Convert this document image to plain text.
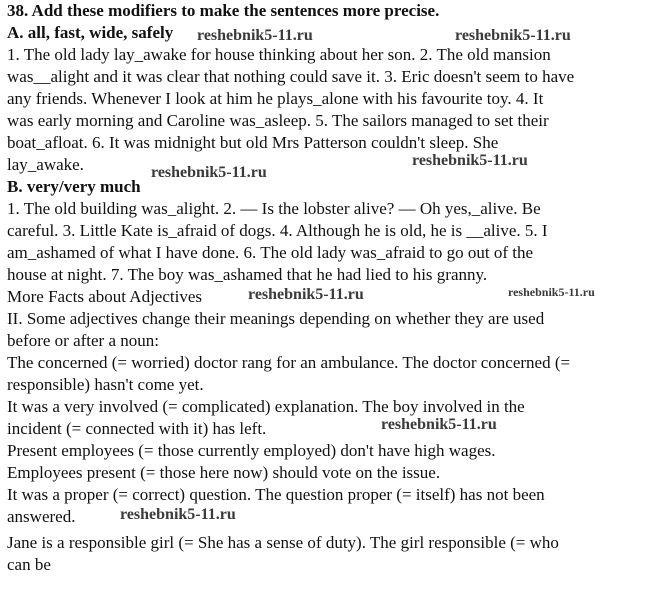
38. Add these modifiers to make the sentences more precise.
A. all, fast, wide, safely
1. The old lady lay_awake for house thinking about her son. 2. The old mansion
was__alight and it was clear that nothing could save it. 3. Eric doesn't seem to have
any friends. Whenever I look at him he plays_alone with his favourite toy. 4. It
was early morning and Caroline was_asleep. 5. The sailors managed to set their
boat_afloat. 6. It was midnight but old Mrs Patterson couldn't sleep. She
lay_awake.
B. very/very much
1. The old building was_alight. 2. — Is the lobster alive? — Oh yes,_alive. Be
careful. 3. Little Kate is_afraid of dogs. 4. Although he is old, he is __alive. 5. I
am_ashamed of what I have done. 6. The old lady was_afraid to go out of the
house at night. 7. The boy was_ashamed that he had lied to his granny.
More Facts about Adjectives
II. Some adjectives change their meanings depending on whether they are used
before or after a noun:
The concerned (= worried) doctor rang for an ambulance. The doctor concerned (=
responsible) hasn't come yet.
It was a very involved (= complicated) explanation. The boy involved in the
incident (= connected with it) has left.
Present employees (= those currently employed) don't have high wages.
Employees present (= those here now) should vote on the issue.
It was a proper (= correct) question. The question proper (= itself) has not been
answered.
Jane is a responsible girl (= She has a sense of duty). The girl responsible (= who
can be
reshebnik5-11.ru	reshebnik5-11.ru
reshebnik5-11.ru
reshebnik5-11.ru
reshebnik5-11.ru	reshebnik5-11.ru
reshebnik5-11.ru
reshebnik5-11.ru
